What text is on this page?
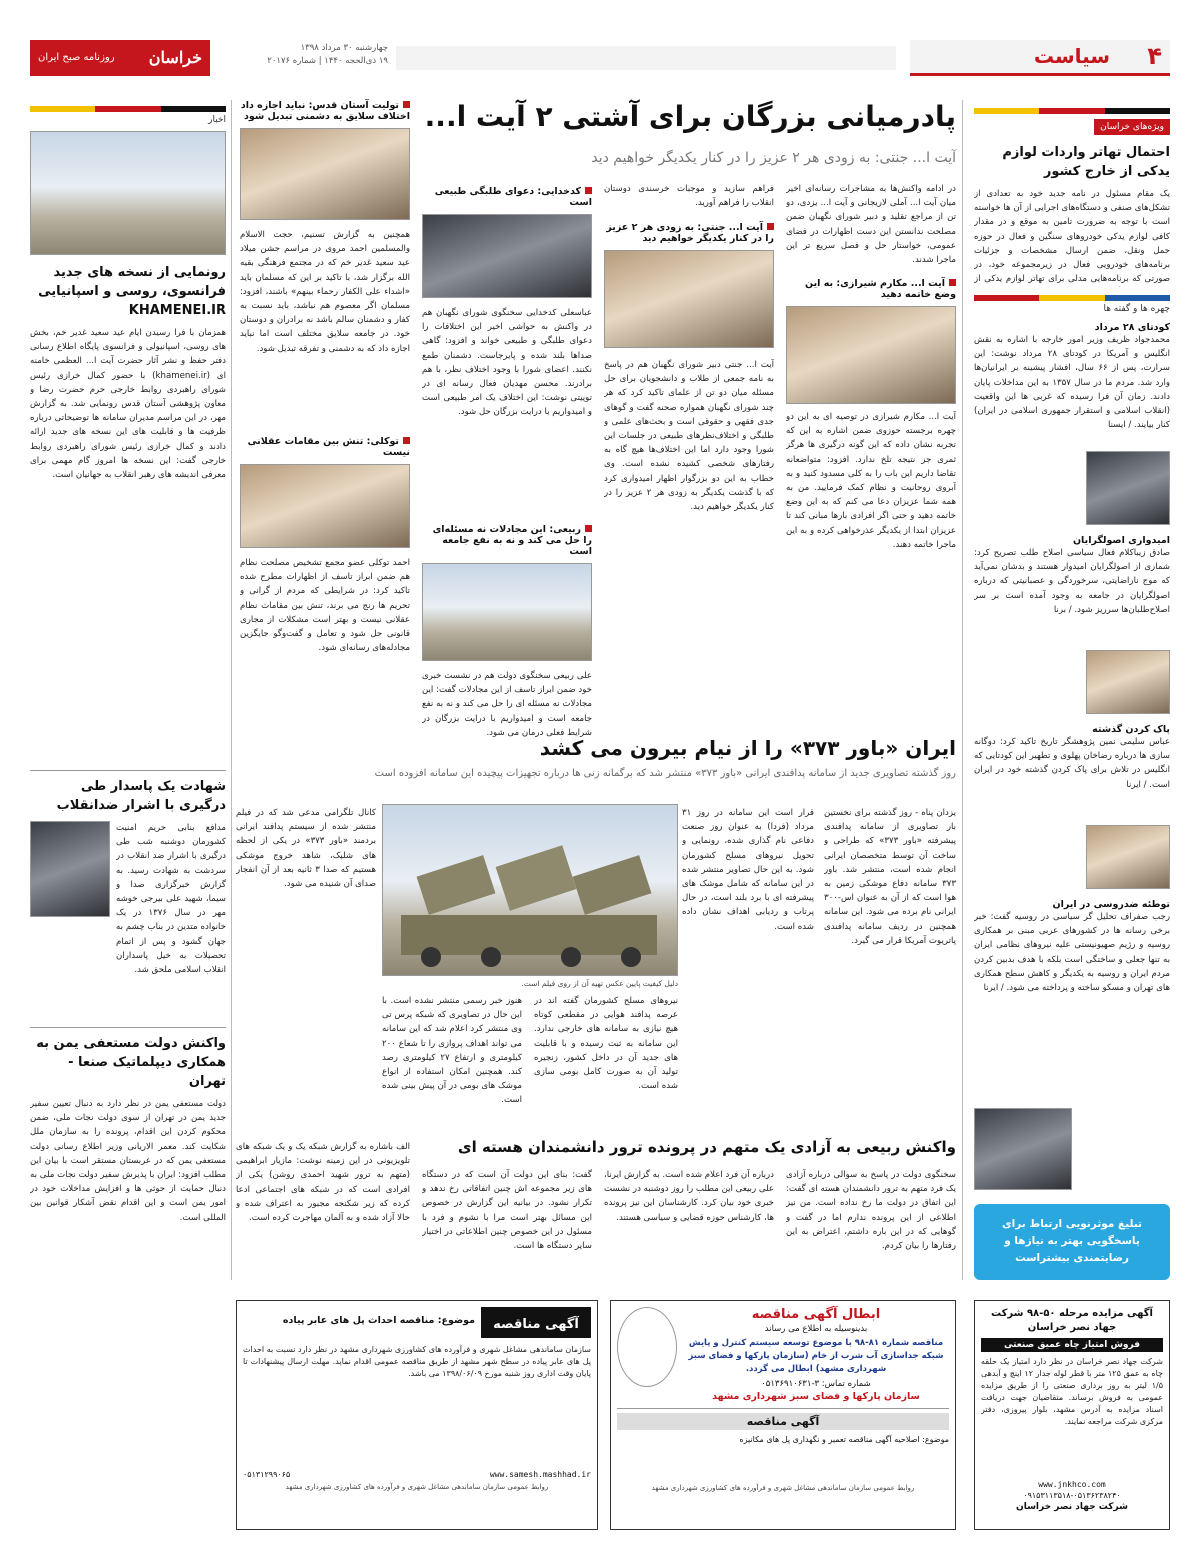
خراسان
روزنامه صبح ایران
چهارشنبه ۳۰ مرداد ۱۳۹۸
۱۹ ذی‌الحجه ۱۴۴۰ | شماره ۲۰۱۷۶	سیاست ۴
ویژه‌های خراسان
احتمال تهاتر واردات لوازم یدکی از خارج کشور
یک مقام مسئول در نامه جدید خود به تعدادی از تشکل‌های صنفی و دستگاه‌های اجرایی از آن ها خواسته است با توجه به ضرورت تامین به موقع و در مقدار کافی لوازم یدکی خودروهای سنگین و فعال در حوزه حمل ونقل، ضمن ارسال مشخصات و جزئیات برنامه‌های خودرویی فعال در زیرمجموعه خود، در صورتی که برنامه‌هایی مدلی برای تهاتر لوازم یدکی از
چهره ها و گفته ها
کودتای ۲۸ مرداد
محمدجواد ظریف وزیر امور خارجه با اشاره به نقش انگلیس و آمریکا در کودتای ۲۸ مرداد نوشت: این سرارت، پس از ۶۶ سال، افشار پیشینه بر ایرانیان‌ها وارد شد. مردم ما در سال ۱۳۵۷ به این مداخلات پایان دادند. زمان آن فرا رسیده که غربی ها این واقعیت (انقلاب اسلامی و استقرار جمهوری اسلامی در ایران) کنار بیایند. / ایسنا
امیدواری اصولگرایان
صادق زیباکلام فعال سیاسی اصلاح طلب تصریح کرد: شماری از اصولگرایان امیدوار هستند و بدشان نمی‌آید که موج ناراضایتی، سرخوردگی و عصبانیتی که درباره اصولگرایان در جامعه به وجود آمده است بر سر اصلاح‌طلبان‌ها سرریز شود. / برنا
پاک کردن گذشته
عباس سلیمی نمین پژوهشگر تاریخ تاکید کرد: دوگانه سازی ها درباره رضاخان پهلوی و تطهیر این کودتایی که انگلیس در تلاش برای پاک کردن گذشته خود در ایران است. / ایرنا
توطئه ضدروسی در ایران
رجب صفراف تحلیل گر سیاسی در روسیه گفت: خبر برخی رسانه ها در کشورهای عربی مبنی بر همکاری روسیه و رژیم صهیونیستی علیه نیروهای نظامی ایران به تنها جعلی و ساختگی است بلکه با هدف بدبین کردن مردم ایران و روسیه به یکدیگر و کاهش سطح همکاری های تهران و مسکو ساخته و پرداخته می شود. / ایرنا
تبلیغ موثرنویی ارتباط برای پاسخگویی بهتر به نیازها و رضایتمندی بیشتراست
پادرمیانی بزرگان برای آشتی ۲ آیت ا...
آیت ا... جنتی: به زودی هر ۲ عزیز را در کنار یکدیگر خواهیم دید
در ادامه واکنش‌ها به مشاجرات رسانه‌ای اخیر میان آیت ا... آملی لاریجانی و آیت ا... یزدی، دو تن از مراجع تقلید و دبیر شورای نگهبان ضمن مصلحت ندانستن این دست اظهارات در فضای عمومی، خواستار حل و فصل سریع تر این ماجرا شدند.
آیت ا... مکارم شیرازی: به این وضع خاتمه دهید
آیت ا... مکارم شیرازی در توصیه ای به این دو چهره برجسته حوزوی ضمن اشاره به این که تجربه نشان داده که این گونه درگیری ها هرگز ثمری جز نتیجه تلخ ندارد. افزود: متواضعانه تقاضا داریم این باب را به کلی مسدود کنید و به آبروی روحانیت و نظام کمک فرمایید. من به همه شما عزیزان دعا می کنم که به این وضع خاتمه دهید و حتی اگر افرادی بارها مبانی کند تا عزیزان ابتدا از یکدیگر عذرخواهی کرده و به این ماجرا خاتمه دهند.
فراهم سازید و موجبات خرسندی دوستان انقلاب را فراهم آورید.
آیت ا... جنتی: به زودی هر ۲ عزیز را در کنار یکدیگر خواهیم دید
آیت ا... جنتی دبیر شورای نگهبان هم در پاسخ به نامه جمعی از طلاب و دانشجویان برای حل مسئله میان دو تن از علمای تاکید کرد که هر چند شورای نگهبان همواره صحنه گفت و گوهای جدی فقهی و حقوقی است و بحث‌های علمی و طلبگی و اختلاف‌نظرهای طبیعی در جلسات این شورا وجود دارد اما این اختلاف‌ها هیچ گاه به رفتارهای شخصی کشیده نشده است. وی خطاب به این دو بزرگوار اظهار امیدواری کرد که با گذشت یکدیگر به زودی هر ۲ عزیز را در کنار یکدیگر خواهیم دید.
کدخدایی: دعوای طلبگی طبیعی است
عباسعلی کدخدایی سخنگوی شورای نگهبان هم در واکنش به حواشی اخیر این اختلافات را دعوای طلبگی و طبیعی خواند و افزود: گاهی صداها بلند شده و پایرجاست. دشمنان طمع نکنند. اعضای شورا با وجود اختلاف نظر، با هم برادرند. محسن مهدیان فعال رسانه ای در توییتی نوشت: این اختلاف یک امر طبیعی است و امیدواریم با درایت بزرگان حل شود.
ربیعی: این مجادلات نه مسئله‌ای را حل می کند و نه به نفع جامعه است
علی ربیعی سخنگوی دولت هم در نشست خبری خود ضمن ابراز تاسف از این مجادلات گفت: این مجادلات نه مسئله ای را حل می کند و نه به نفع جامعه است و امیدواریم با درایت بزرگان در شرایط فعلی درمان می شود.
تولیت آستان قدس: نباید اجازه داد اختلاف سلایق به دشمنی تبدیل شود
همچنین به گزارش تسنیم، حجت الاسلام والمسلمین احمد مروی در مراسم جشن میلاد عید سعید غدیر خم که در مجتمع فرهنگی بقیه الله برگزار شد، با تاکید بر این که مسلمان باید «اشداء علی الکفار رحماء بینهم» باشند، افزود: مسلمان اگر معصوم هم نباشد، باید نسبت به کفار و دشمنان سالم باشد نه برادران و دوستان خود. در جامعه سلایق مختلف است اما نباید اجازه داد که به دشمنی و تفرقه تبدیل شود.
توکلی: تنش بین مقامات عقلانی نیست
احمد توکلی عضو مجمع تشخیص مصلحت نظام هم ضمن ابراز تاسف از اظهارات مطرح شده تاکید کرد: در شرایطی که مردم از گرانی و تحریم ها رنج می برند، تنش بین مقامات نظام عقلانی نیست و بهتر است مشکلات از مجاری قانونی حل شود و تعامل و گفت‌وگو جایگزین مجادله‌های رسانه‌ای شود.
اخبار
رونمایی از نسخه های جدید فرانسوی، روسی و اسپانیایی KHAMENEI.IR
همزمان با فرا رسیدن ایام عید سعید غدیر خم، بخش های روسی، اسپانیولی و فرانسوی پایگاه اطلاع رسانی دفتر حفظ و نشر آثار حضرت آیت ا... العظمی خامنه ای (khamenei.ir) با حضور کمال خرازی رئیس شورای راهبردی روابط خارجی حرم حضرت رضا و معاون پژوهشی آستان قدس رونمایی شد. به گزارش مهر، در این مراسم مدیران سامانه ها توضیحاتی درباره ظرفیت ها و قابلیت های این نسخه های جدید ارائه دادند و کمال خرازی رئیس شورای راهبردی روابط خارجی گفت: این نسخه ها امروز گام مهمی برای معرفی اندیشه های رهبر انقلاب به جهانیان است.
شهادت یک پاسدار طی درگیری با اشرار ضدانقلاب
مدافع بنابی حریم امنیت کشورمان دوشنبه شب طی درگیری با اشرار ضد انقلاب در سردشت به شهادت رسید. به گزارش خبرگزاری صدا و سیما، شهید علی بیرجی خوشه مهر در سال ۱۳۷۶ در یک خانواده متدین در بناب چشم به جهان گشود و پس از اتمام تحصیلات به خیل پاسداران انقلاب اسلامی ملحق شد.
واکنش دولت مستعفی یمن به همکاری دیپلماتیک صنعا - تهران
دولت مستعفی یمن در نظر دارد به دنبال تعیین سفیر جدید یمن در تهران از سوی دولت نجات ملی، ضمن محکوم کردن این اقدام، پرونده را به سازمان ملل شکایت کند. معمر الاریانی وزیر اطلاع رسانی دولت مستعفی یمن که در عربستان مستقر است با بیان این مطلب افزود: ایران با پذیرش سفیر دولت نجات ملی به دنبال حمایت از حوثی ها و افزایش مداخلات خود در امور یمن است و این اقدام نقض آشکار قوانین بین المللی است.
ایران «باور ۳۷۳» را از نیام بیرون می کشد
روز گذشته تصاویری جدید از سامانه پدافندی ایرانی «باور ۳۷۳» منتشر شد که برگمانه زنی ها درباره تجهیزات پیچیده این سامانه افزوده است
یزدان پناه - روز گذشته برای نخستین بار تصاویری از سامانه پدافندی پیشرفته «باور ۳۷۳» که طراحی و ساخت آن توسط متخصصان ایرانی انجام شده است، منتشر شد. باور ۳۷۳ سامانه دفاع موشکی زمین به هوا است که از آن به عنوان اس-۳۰۰ ایرانی نام برده می شود. این سامانه همچنین در ردیف سامانه پدافندی پاتریوت آمریکا قرار می گیرد.
قرار است این سامانه در روز ۳۱ مرداد (فردا) به عنوان روز صنعت دفاعی نام گذاری شده، رونمایی و تحویل نیروهای مسلح کشورمان شود. به این حال تصاویر منتشر شده در این سامانه که شامل موشک های پیشرفته ای با برد بلند است، در حال پرتاب و ردیابی اهداف نشان داده شده است.
دلیل کیفیت پایین عکس تهیه آن از روی فیلم است.
کانال تلگرامی مدعی شد که در فیلم منتشر شده از سیستم پدافند ایرانی بردمند «باور ۳۷۳» در یکی از لحظه های شلیک، شاهد خروج موشکی هستیم که صدا ۳ ثانیه بعد از آن انفجار صدای آن شنیده می شود.
هنوز خبر رسمی منتشر نشده است. با این حال در تصاویری که شبکه پرس تی وی منتشر کرد اعلام شد که این سامانه می تواند اهداف پروازی را تا شعاع ۲۰۰ کیلومتری و ارتفاع ۲۷ کیلومتری رصد کند. همچنین امکان استفاده از انواع موشک های بومی در آن پیش بینی شده است.
نیروهای مسلح کشورمان گفته اند در عرصه پدافند هوایی در مقطعی کوتاه هیچ نیازی به سامانه های خارجی ندارد. این سامانه به ثبت رسیده و با قابلیت های جدید آن در داخل کشور، زنجیره تولید آن به صورت کامل بومی سازی شده است.
واکنش ربیعی به آزادی یک متهم در پرونده ترور دانشمندان هسته ای
سخنگوی دولت در پاسخ به سوالی درباره آزادی یک فرد متهم به ترور دانشمندان هسته ای گفت: این اتفاق در دولت ما رخ نداده است. من نیز اطلاعی از این پرونده ندارم اما در گفت و گوهایی که در این باره داشتم، اعتراض به این رفتارها را بیان کردم.
درباره آن فرد اعلام شده است. به گزارش ایرنا، علی ربیعی این مطلب را روز دوشنبه در نشست خبری خود بیان کرد. کارشناسان این نیز پرونده ها، کارشناس حوزه قضایی و سیاسی هستند.
گفت: بنای این دولت آن است که در دستگاه های زیر مجموعه اش چنین اتفاقاتی رخ ندهد و تکرار نشود. در بیانیه این گزارش در خصوص این مسائل بهتر است مرا با نشوم و فرد با مسئول در این خصوص چنین اطلاعاتی در اختیار سایر دستگاه ها است.
الف باشاره به گزارش شبکه یک و یک شبکه های تلویزیونی در این زمینه نوشت: مازیار ابراهیمی (متهم به ترور شهید احمدی روشن) یکی از افرادی است که در شبکه های اجتماعی ادعا کرده که زیر شکنجه مجبور به اعتراف شده و حالا آزاد شده و به آلمان مهاجرت کرده است.
آگهی مزایده مرحله ۵۰-۹۸ شرکت جهاد نصر خراسان
فروش امتیاز چاه عمیق صنعتی
شرکت جهاد نصر خراسان در نظر دارد امتیاز یک حلقه چاه به عمق ۱۲۵ متر با قطر لوله جدار ۱۲ اینچ و آبدهی ۱/۵ لیتر به روز برداری صنعتی را از طریق مزایده عمومی به فروش برساند. متقاضیان جهت دریافت اسناد مزایده به آدرس مشهد، بلوار پیروزی، دفتر مرکزی شرکت مراجعه نمایند.
www.jnkhco.com
۰۹۱۵۳۱۱۳۵۱۸-۰۵۱۳۶۲۳۸۲۴۰
شرکت جهاد نصر خراسان
ابطال آگهی مناقصه
بدینوسیله به اطلاع می رساند
مناقصه شماره ۸۱-۹۸ با موضوع توسعه سیستم کنترل و پایش شبکه جداسازی آب شرب از خام (سازمان پارکها و فضای سبز شهرداری مشهد) ابطال می گردد.
شماره تماس: ۳-۰۵۱۳۶۹۱۰۶۳۱
سازمان پارکها و فضای سبز شهرداری مشهد
آگهی مناقصه
موضوع: اصلاحیه آگهی مناقصه تعمیر و نگهداری پل های مکانیزه
روابط عمومی سازمان ساماندهی مشاغل شهری و فرآورده های کشاورزی شهرداری مشهد
آگهی مناقصه
موضوع: مناقصه احداث پل های عابر پیاده
سازمان ساماندهی مشاغل شهری و فرآورده های کشاورزی شهرداری مشهد در نظر دارد نسبت به احداث پل های عابر پیاده در سطح شهر مشهد از طریق مناقصه عمومی اقدام نماید. مهلت ارسال پیشنهادات تا پایان وقت اداری روز شنبه مورخ ۱۳۹۸/۰۶/۰۹ می باشد.
www.samesh.mashhad.ir
۰۵۱۳۱۲۹۹۰۶۵
روابط عمومی سازمان ساماندهی مشاغل شهری و فرآورده های کشاورزی شهرداری مشهد
